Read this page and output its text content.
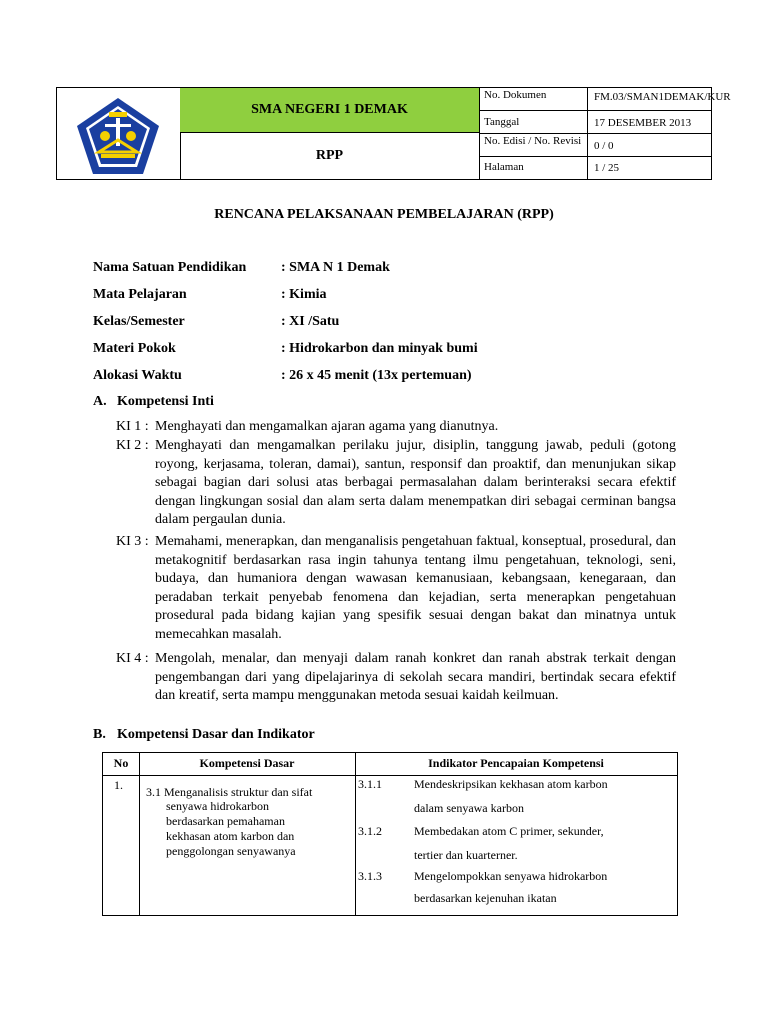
SMA NEGERI 1 DEMAK
RPP
No. Dokumen	FM.03/SMAN1DEMAK/KUR
Tanggal	17 DESEMBER 2013
No. Edisi / No. Revisi	0 / 0
Halaman	1 / 25
RENCANA PELAKSANAAN PEMBELAJARAN (RPP)
Nama Satuan Pendidikan	: SMA N 1 Demak
Mata Pelajaran	: Kimia
Kelas/Semester	: XI /Satu
Materi Pokok	: Hidrokarbon dan minyak bumi
Alokasi Waktu	: 26 x 45 menit (13x pertemuan)
A. Kompetensi Inti
KI 1 : Menghayati dan mengamalkan ajaran agama yang dianutnya.
KI 2 : Menghayati dan mengamalkan perilaku jujur, disiplin, tanggung jawab, peduli (gotong royong, kerjasama, toleran, damai), santun, responsif dan proaktif, dan menunjukan sikap sebagai bagian dari solusi atas berbagai permasalahan dalam berinteraksi secara efektif dengan lingkungan sosial dan alam serta dalam menempatkan diri sebagai cerminan bangsa dalam pergaulan dunia.
KI 3 : Memahami, menerapkan, dan menganalisis pengetahuan faktual, konseptual, prosedural, dan metakognitif berdasarkan rasa ingin tahunya tentang ilmu pengetahuan, teknologi, seni, budaya, dan humaniora dengan wawasan kemanusiaan, kebangsaan, kenegaraan, dan peradaban terkait penyebab fenomena dan kejadian, serta menerapkan pengetahuan prosedural pada bidang kajian yang spesifik sesuai dengan bakat dan minatnya untuk memecahkan masalah.
KI 4 : Mengolah, menalar, dan menyaji dalam ranah konkret dan ranah abstrak terkait dengan pengembangan dari yang dipelajarinya di sekolah secara mandiri, bertindak secara efektif dan kreatif, serta mampu menggunakan metoda sesuai kaidah keilmuan.
B. Kompetensi Dasar dan Indikator
No	Kompetensi Dasar	Indikator Pencapaian Kompetensi
1. 3.1 Menganalisis struktur dan sifat
senyawa hidrokarbon
berdasarkan pemahaman
kekhasan atom karbon dan
penggolongan senyawanya
3.1.1	Mendeskripsikan kekhasan atom karbon
dalam senyawa karbon
3.1.2	Membedakan atom C primer, sekunder,
tertier dan kuarterner.
3.1.3	Mengelompokkan senyawa hidrokarbon
berdasarkan kejenuhan ikatan
